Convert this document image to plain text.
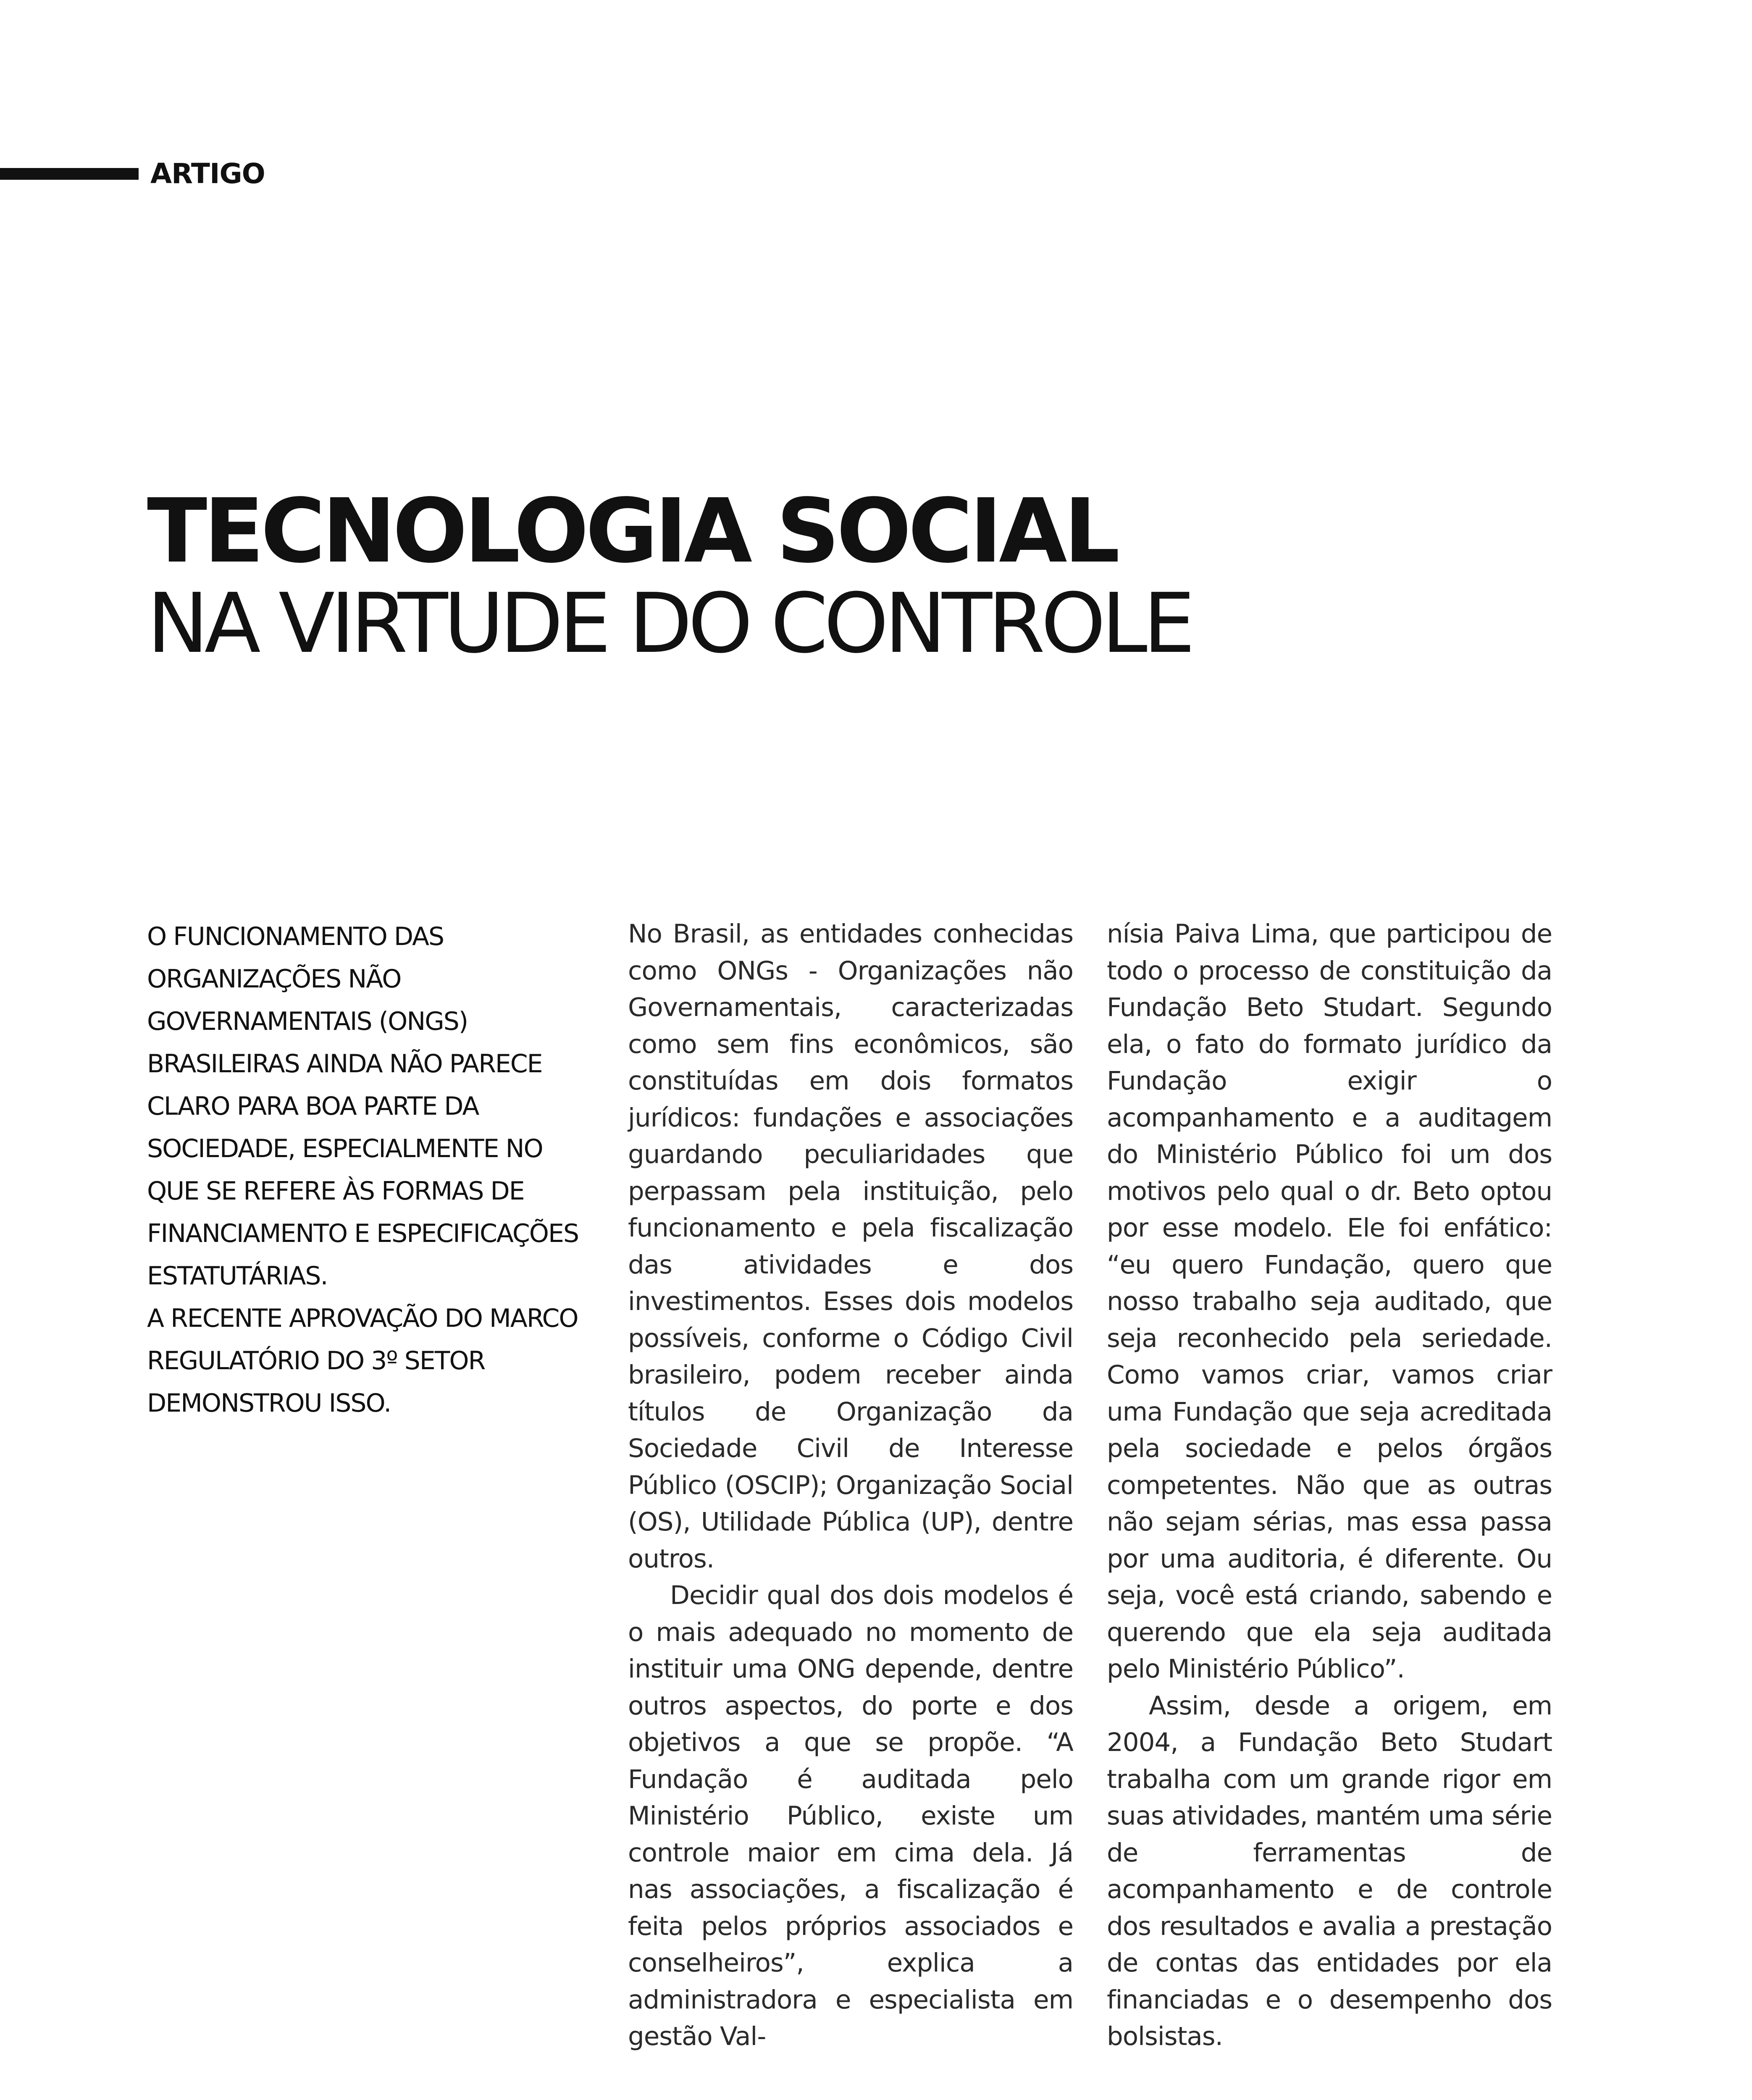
ARTIGO
TECNOLOGIA SOCIAL
NA VIRTUDE DO CONTROLE

O FUNCIONAMENTO DAS ORGANIZAÇÕES NÃO GOVERNAMENTAIS (ONGS) BRASILEIRAS AINDA NÃO PARECE CLARO PARA BOA PARTE DA SOCIEDADE, ESPECIALMENTE NO QUE SE REFERE ÀS FORMAS DE FINANCIAMENTO E ESPECIFICAÇÕES ESTATUTÁRIAS.

A RECENTE APROVAÇÃO DO MARCO REGULATÓRIO DO 3º SETOR DEMONSTROU ISSO.

No Brasil, as entidades conhecidas como ONGs - Organizações não Governamentais, caracterizadas como sem fins econômicos, são constituídas em dois formatos jurídicos: fundações e associações guardando peculiaridades que perpassam pela instituição, pelo funcionamento e pela fiscalização das atividades e dos investimentos. Esses dois modelos possíveis, conforme o Código Civil brasileiro, podem receber ainda títulos de Organização da Sociedade Civil de Interesse Público (OSCIP); Organização Social (OS), Utilidade Pública (UP), dentre outros.

Decidir qual dos dois modelos é o mais adequado no momento de instituir uma ONG depende, dentre outros aspectos, do porte e dos objetivos a que se propõe. “A Fundação é auditada pelo Ministério Público, existe um controle maior em cima dela. Já nas associações, a fiscalização é feita pelos próprios associados e conselheiros”, explica a administradora e especialista em gestão Val-

nísia Paiva Lima, que participou de todo o processo de constituição da Fundação Beto Studart. Segundo ela, o fato do formato jurídico da Fundação exigir o acompanhamento e a auditagem do Ministério Público foi um dos motivos pelo qual o dr. Beto optou por esse modelo. Ele foi enfático: “eu quero Fundação, quero que nosso trabalho seja auditado, que seja reconhecido pela seriedade. Como vamos criar, vamos criar uma Fundação que seja acreditada pela sociedade e pelos órgãos competentes. Não que as outras não sejam sérias, mas essa passa por uma auditoria, é diferente. Ou seja, você está criando, sabendo e querendo que ela seja auditada pelo Ministério Público”.

Assim, desde a origem, em 2004, a Fundação Beto Studart trabalha com um grande rigor em suas atividades, mantém uma série de ferramentas de acompanhamento e de controle dos resultados e avalia a prestação de contas das entidades por ela financiadas e o desempenho dos bolsistas.
